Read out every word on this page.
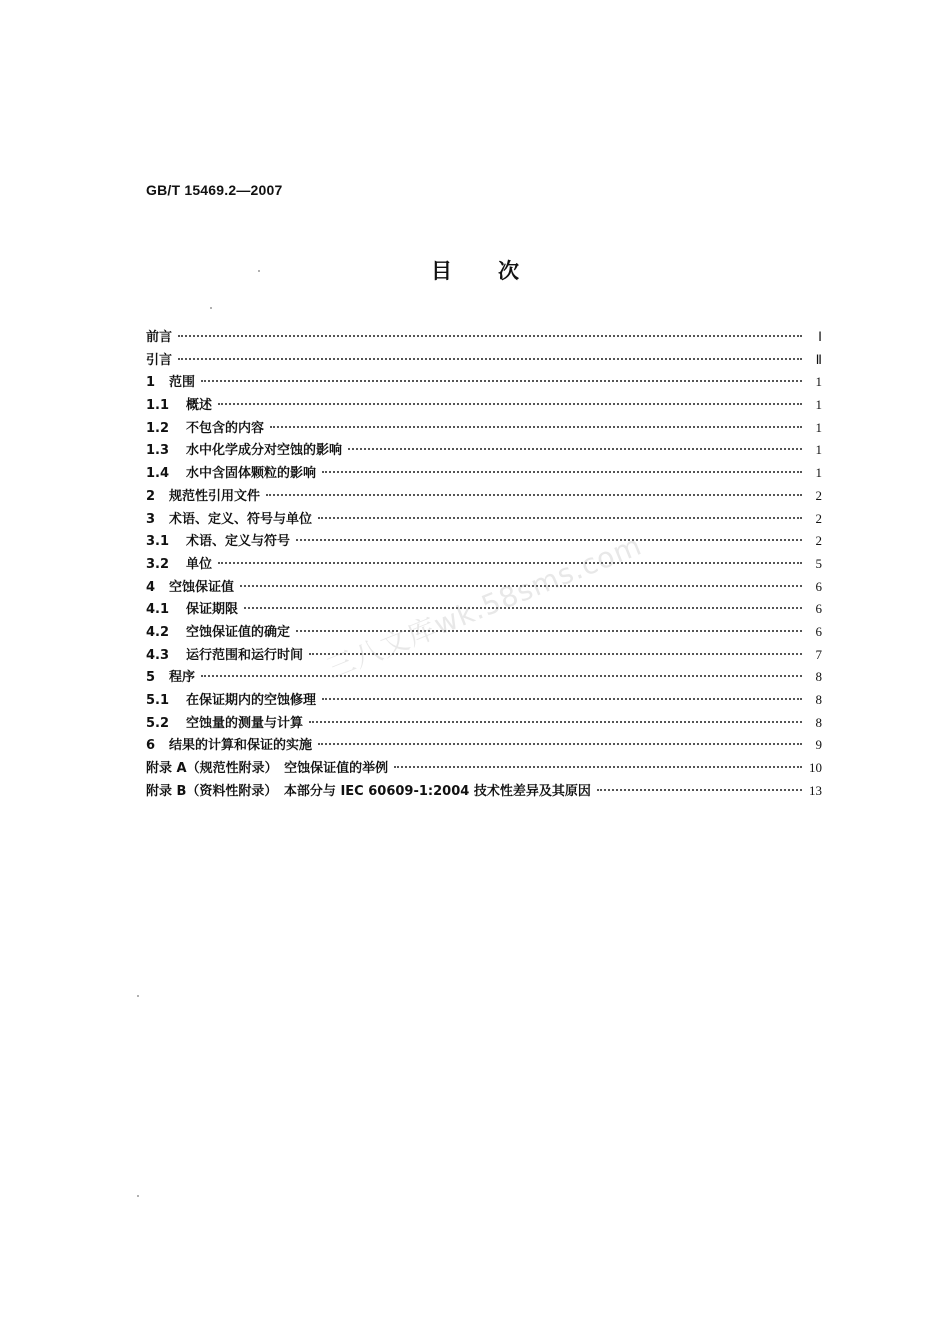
GB/T 15469.2—2007
目 次
前言	Ⅰ
引言	Ⅱ
1	范围	1
1.1	概述	1
1.2	不包含的内容	1
1.3	水中化学成分对空蚀的影响	1
1.4	水中含固体颗粒的影响	1
2	规范性引用文件	2
3	术语、定义、符号与单位	2
3.1	术语、定义与符号	2
3.2	单位	5
4	空蚀保证值	6
4.1	保证期限	6
4.2	空蚀保证值的确定	6
4.3	运行范围和运行时间	7
5	程序	8
5.1	在保证期内的空蚀修理	8
5.2	空蚀量的测量与计算	8
6	结果的计算和保证的实施	9
附录 A（规范性附录）　空蚀保证值的举例	10
附录 B（资料性附录）　本部分与 IEC 60609-1:2004 技术性差异及其原因	13
三八文库wk.58sms.com
